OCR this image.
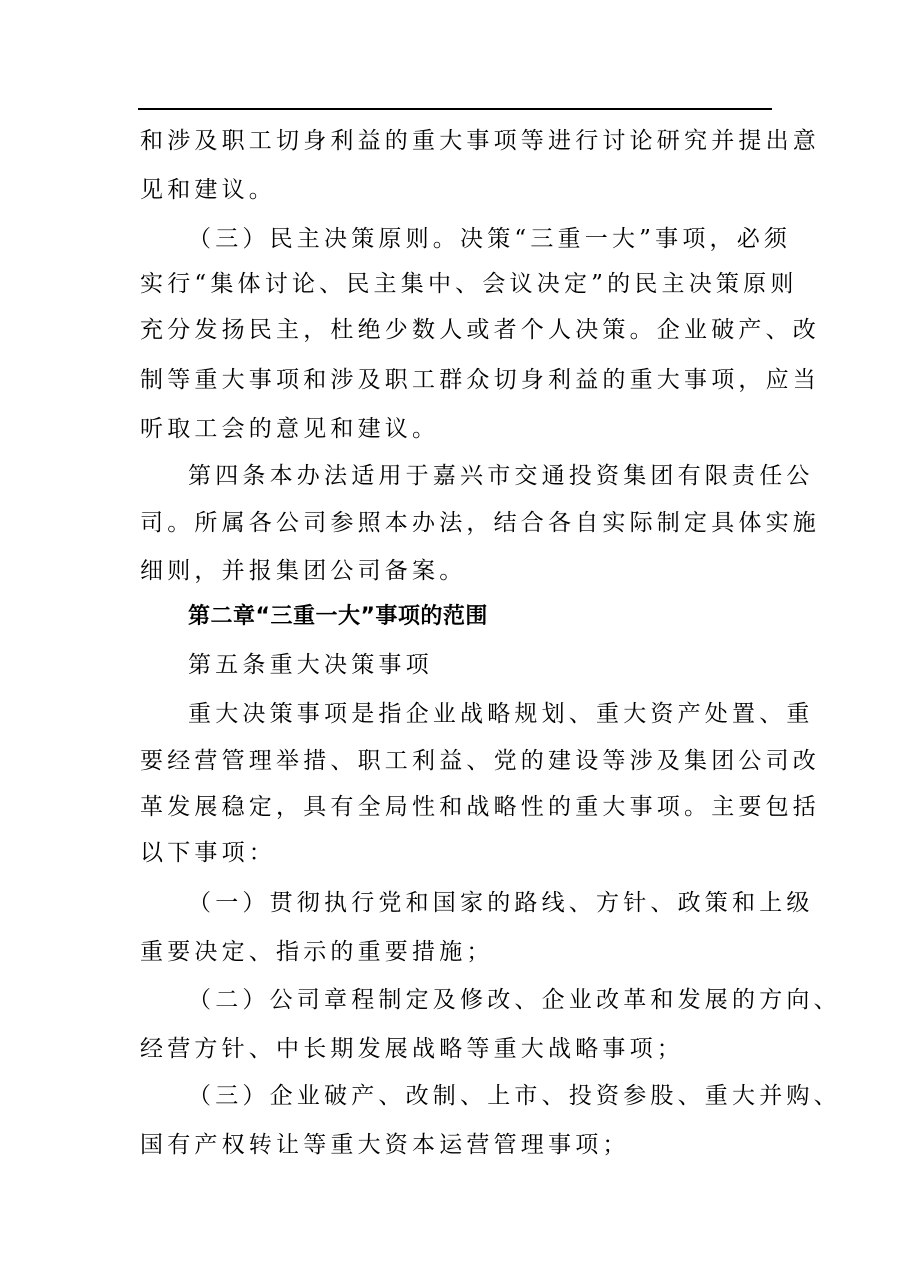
和涉及职工切身利益的重大事项等进行讨论研究并提出意
见和建议。
（三）民主决策原则。决策“三重一大”事项，必须
实行“集体讨论、民主集中、会议决定”的民主决策原则
充分发扬民主，杜绝少数人或者个人决策。企业破产、改
制等重大事项和涉及职工群众切身利益的重大事项，应当
听取工会的意见和建议。
第四条本办法适用于嘉兴市交通投资集团有限责任公
司。所属各公司参照本办法，结合各自实际制定具体实施
细则，并报集团公司备案。
第二章“三重一大”事项的范围
第五条重大决策事项
重大决策事项是指企业战略规划、重大资产处置、重
要经营管理举措、职工利益、党的建设等涉及集团公司改
革发展稳定，具有全局性和战略性的重大事项。主要包括
以下事项：
（一）贯彻执行党和国家的路线、方针、政策和上级
重要决定、指示的重要措施；
（二）公司章程制定及修改、企业改革和发展的方向、
经营方针、中长期发展战略等重大战略事项；
（三）企业破产、改制、上市、投资参股、重大并购、
国有产权转让等重大资本运营管理事项；
